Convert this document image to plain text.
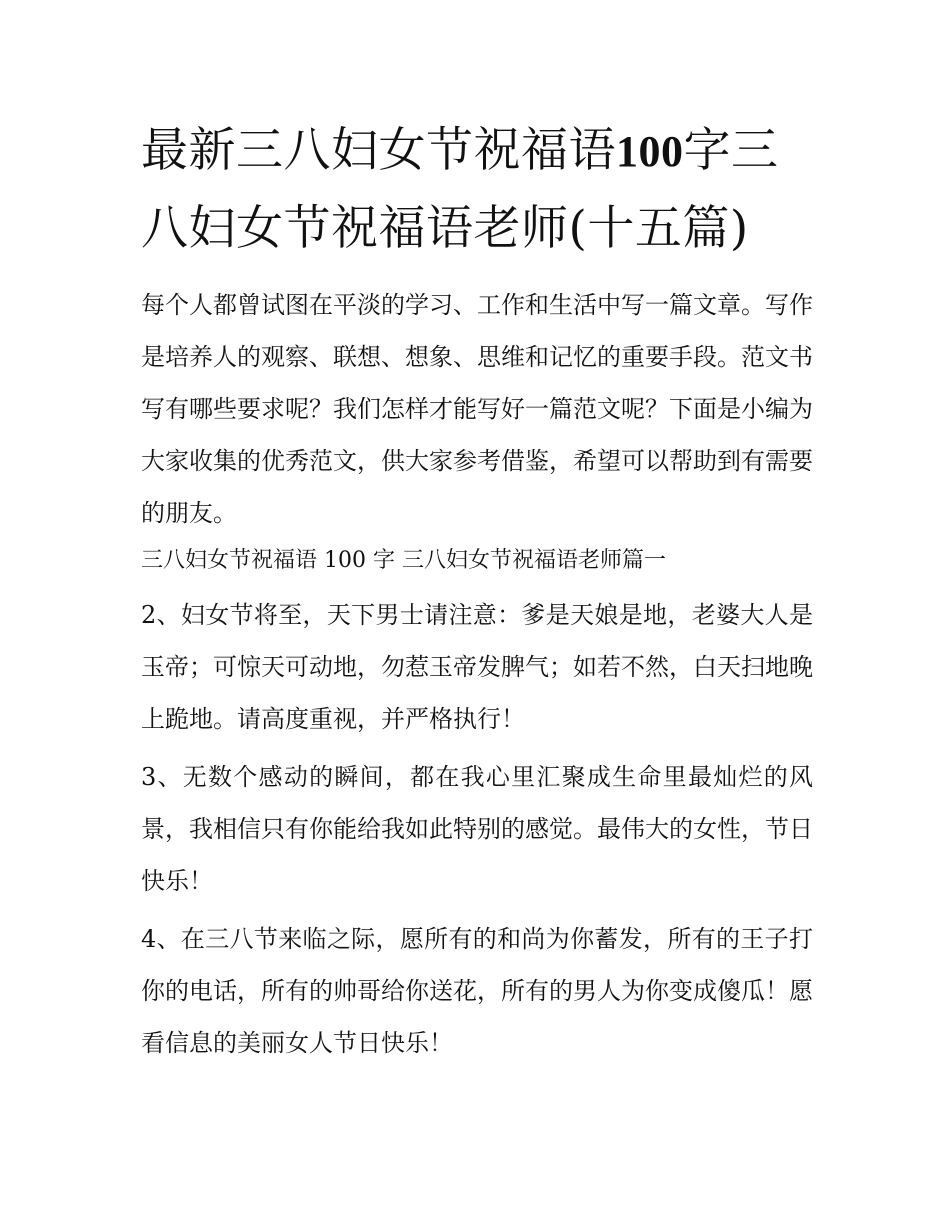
最新三八妇女节祝福语100字三八妇女节祝福语老师(十五篇)

每个人都曾试图在平淡的学习、工作和生活中写一篇文章。写作是培养人的观察、联想、想象、思维和记忆的重要手段。范文书写有哪些要求呢？我们怎样才能写好一篇范文呢？下面是小编为大家收集的优秀范文，供大家参考借鉴，希望可以帮助到有需要的朋友。

三八妇女节祝福语 100 字 三八妇女节祝福语老师篇一

2、妇女节将至，天下男士请注意：爹是天娘是地，老婆大人是玉帝；可惊天可动地，勿惹玉帝发脾气；如若不然，白天扫地晚上跪地。请高度重视，并严格执行！

3、无数个感动的瞬间，都在我心里汇聚成生命里最灿烂的风景，我相信只有你能给我如此特别的感觉。最伟大的女性，节日快乐！

4、在三八节来临之际，愿所有的和尚为你蓄发，所有的王子打你的电话，所有的帅哥给你送花，所有的男人为你变成傻瓜！愿看信息的美丽女人节日快乐！
